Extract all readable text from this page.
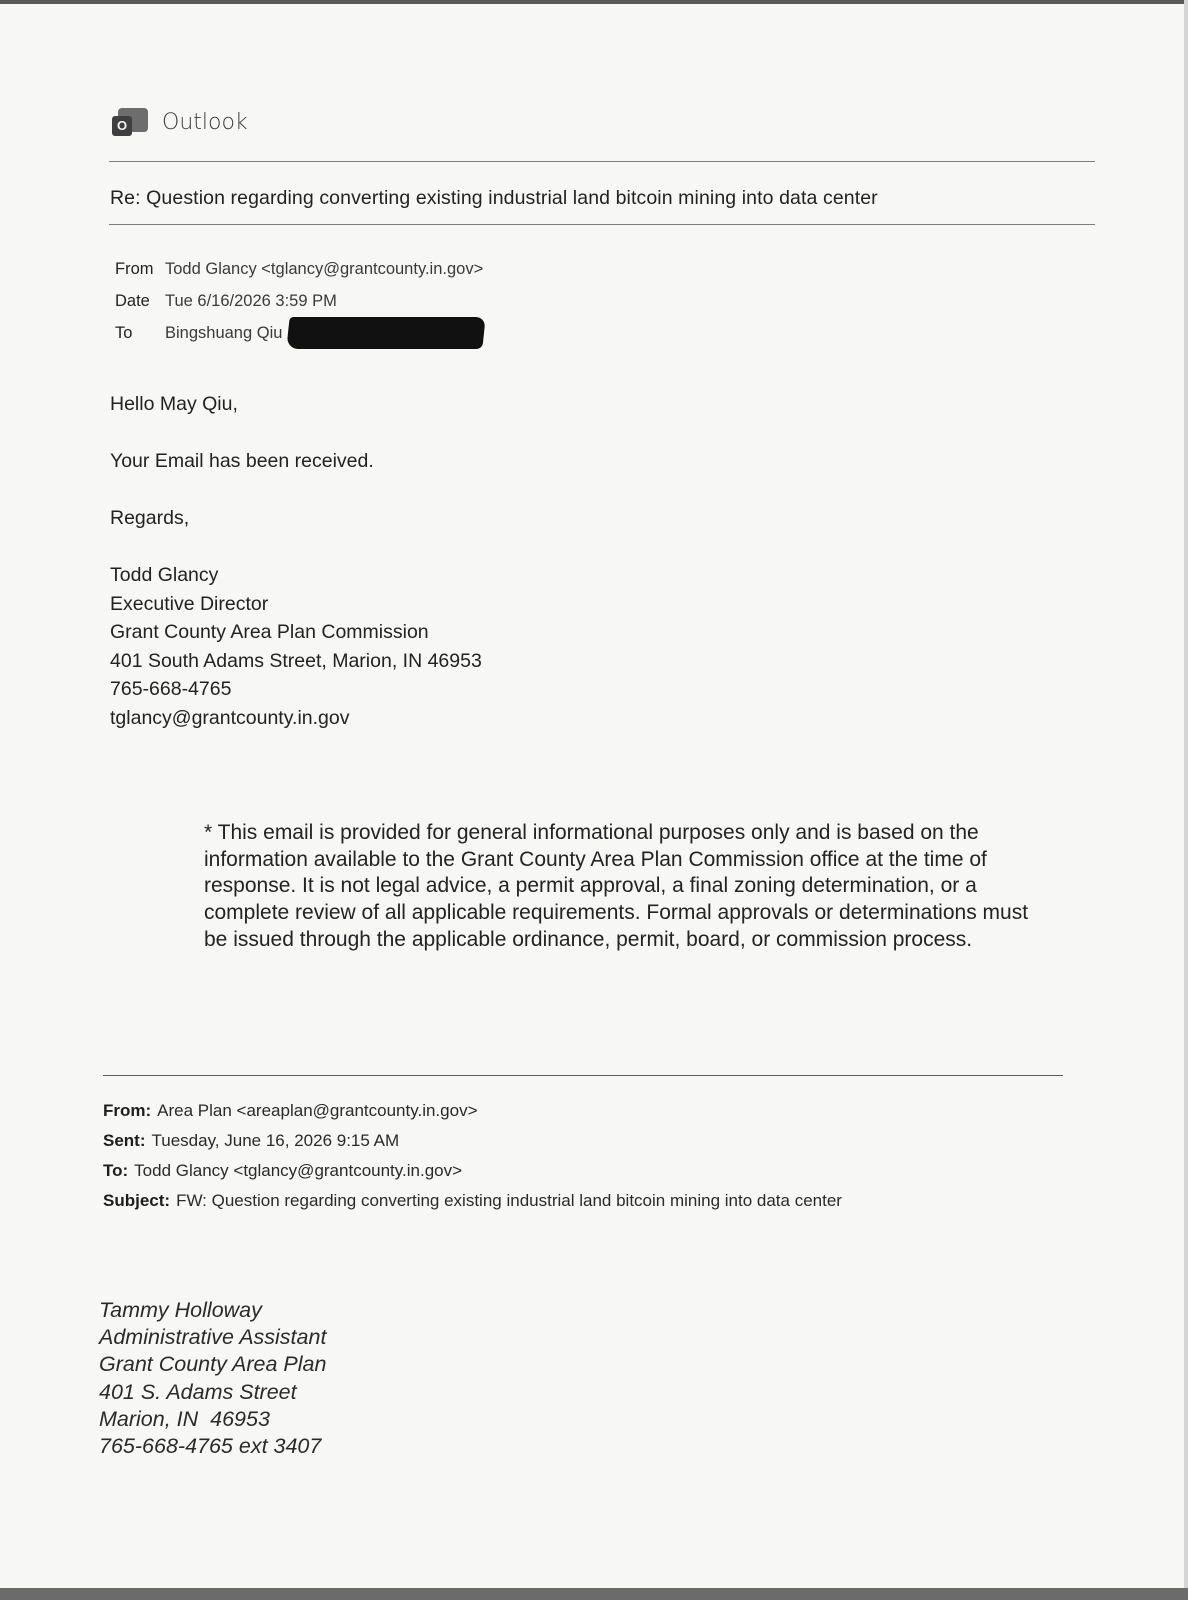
O Outlook
Re: Question regarding converting existing industrial land bitcoin mining into data center
From Todd Glancy <tglancy@grantcounty.in.gov>
Date Tue 6/16/2026 3:59 PM
To	Bingshuang Qiu

Hello May Qiu,

Your Email has been received.

Regards,

Todd Glancy

Executive Director

Grant County Area Plan Commission

401 South Adams Street, Marion, IN 46953

765-668-4765

tglancy@grantcounty.in.gov

* This email is provided for general informational purposes only and is based on the information available to the Grant County Area Plan Commission office at the time of response. It is not legal advice, a permit approval, a final zoning determination, or a complete review of all applicable requirements. Formal approvals or determinations must be issued through the applicable ordinance, permit, board, or commission process.
From: Area Plan <areaplan@grantcounty.in.gov>
Sent: Tuesday, June 16, 2026 9:15 AM
To: Todd Glancy <tglancy@grantcounty.in.gov>
Subject: FW: Question regarding converting existing industrial land bitcoin mining into data center

Tammy Holloway

Administrative Assistant

Grant County Area Plan

401 S. Adams Street

Marion, IN  46953

765-668-4765 ext 3407
